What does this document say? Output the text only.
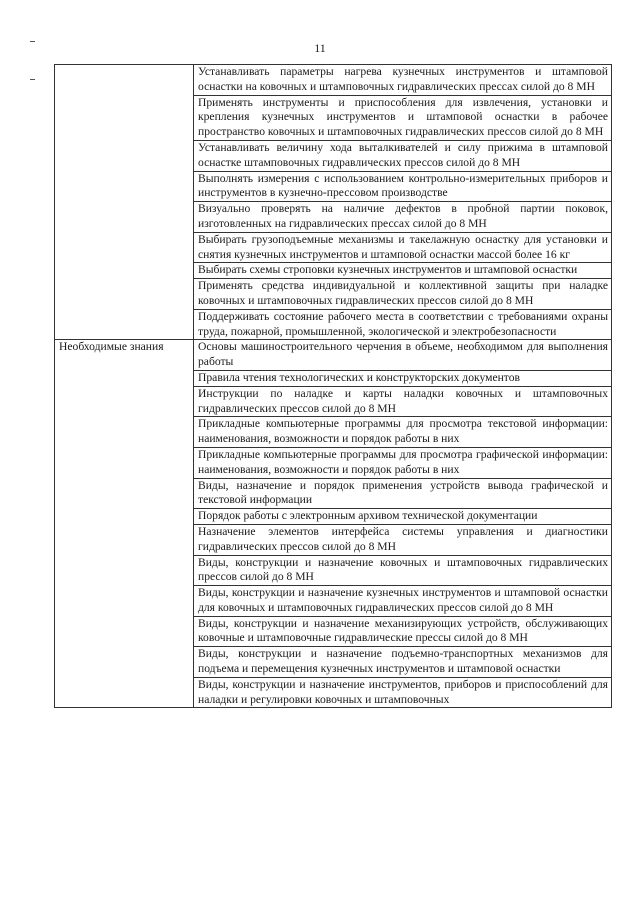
11
	Устанавливать параметры нагрева кузнечных инструментов и штамповой оснастки на ковочных и штамповочных гидравлических прессах силой до 8 МН
	Применять инструменты и приспособления для извлечения, установки и крепления кузнечных инструментов и штамповой оснастки в рабочее пространство ковочных и штамповочных гидравлических прессов силой до 8 МН
	Устанавливать величину хода выталкивателей и силу прижима в штамповой оснастке штамповочных гидравлических прессов силой до 8 МН
	Выполнять измерения с использованием контрольно-измерительных приборов и инструментов в кузнечно-прессовом производстве
	Визуально проверять на наличие дефектов в пробной партии поковок, изготовленных на гидравлических прессах силой до 8 МН
	Выбирать грузоподъемные механизмы и такелажную оснастку для установки и снятия кузнечных инструментов и штамповой оснастки массой более 16 кг
	Выбирать схемы строповки кузнечных инструментов и штамповой оснастки
	Применять средства индивидуальной и коллективной защиты при наладке ковочных и штамповочных гидравлических прессов силой до 8 МН
	Поддерживать состояние рабочего места в соответствии с требованиями охраны труда, пожарной, промышленной, экологической и электробезопасности
Необходимые знания	Основы машиностроительного черчения в объеме, необходимом для выполнения работы
	Правила чтения технологических и конструкторских документов
	Инструкции по наладке и карты наладки ковочных и штамповочных гидравлических прессов силой до 8 МН
	Прикладные компьютерные программы для просмотра текстовой информации: наименования, возможности и порядок работы в них
	Прикладные компьютерные программы для просмотра графической информации: наименования, возможности и порядок работы в них
	Виды, назначение и порядок применения устройств вывода графической и текстовой информации
	Порядок работы с электронным архивом технической документации
	Назначение элементов интерфейса системы управления и диагностики гидравлических прессов силой до 8 МН
	Виды, конструкции и назначение ковочных и штамповочных гидравлических прессов силой до 8 МН
	Виды, конструкции и назначение кузнечных инструментов и штамповой оснастки для ковочных и штамповочных гидравлических прессов силой до 8 МН
	Виды, конструкции и назначение механизирующих устройств, обслуживающих ковочные и штамповочные гидравлические прессы силой до 8 МН
	Виды, конструкции и назначение подъемно-транспортных механизмов для подъема и перемещения кузнечных инструментов и штамповой оснастки
	Виды, конструкции и назначение инструментов, приборов и приспособлений для наладки и регулировки ковочных и штамповочных
